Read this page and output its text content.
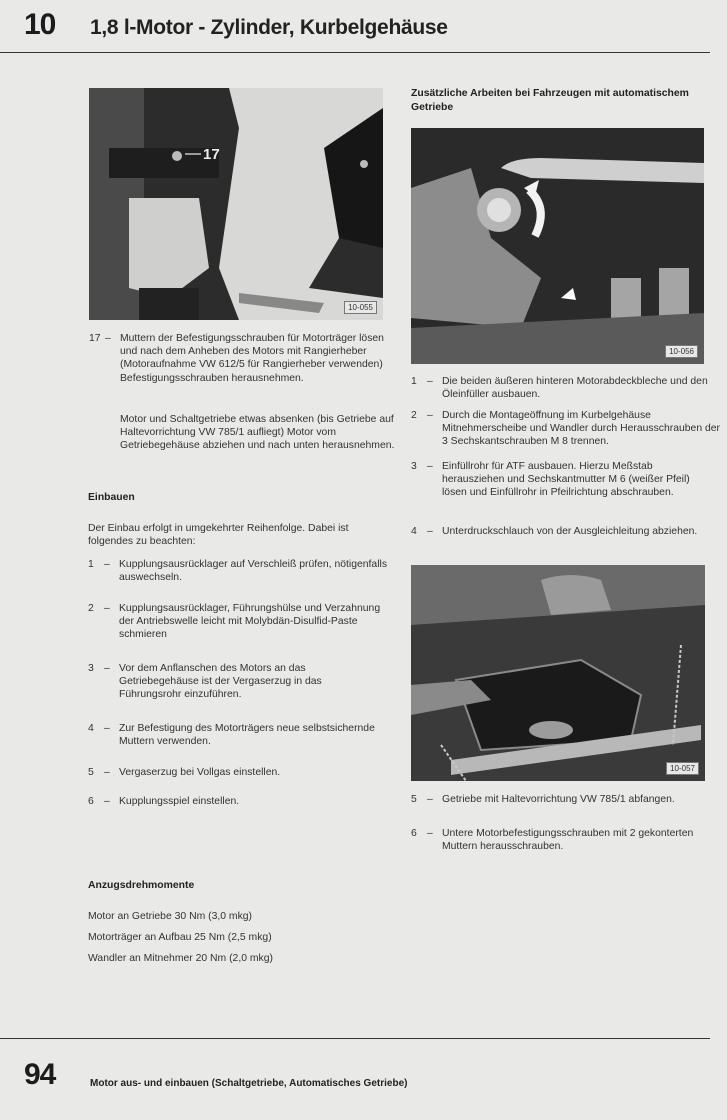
10 1,8 l-Motor - Zylinder, Kurbelgehäuse
17
10-055
17 – Muttern der Befestigungsschrauben für Motorträger lösen und nach dem Anheben des Motors mit Rangierheber (Motoraufnahme VW 612/5 für Rangierheber verwenden) Befestigungsschrauben herausnehmen.
Motor und Schaltgetriebe etwas absenken (bis Getriebe auf Haltevorrichtung VW 785/1 aufliegt) Motor vom Getriebegehäuse abziehen und nach unten herausnehmen.
Einbauen
Der Einbau erfolgt in umgekehrter Reihenfolge. Dabei ist folgendes zu beachten:
1 – Kupplungsausrücklager auf Verschleiß prüfen, nötigenfalls auswechseln.
2 – Kupplungsausrücklager, Führungshülse und Verzahnung der Antriebswelle leicht mit Molybdän-Disulfid-Paste schmieren
3 – Vor dem Anflanschen des Motors an das Getriebegehäuse ist der Vergaserzug in das Führungsrohr einzuführen.
4 – Zur Befestigung des Motorträgers neue selbstsichernde Muttern verwenden.
5 – Vergaserzug bei Vollgas einstellen.
6 – Kupplungsspiel einstellen.
Anzugsdrehmomente
Motor an Getriebe 30 Nm (3,0 mkg)
Motorträger an Aufbau 25 Nm (2,5 mkg)
Wandler an Mitnehmer 20 Nm (2,0 mkg)
Zusätzliche Arbeiten bei Fahrzeugen mit automatischem Getriebe
10-056
1 – Die beiden äußeren hinteren Motorabdeckbleche und den Öleinfüller ausbauen.
2 – Durch die Montageöffnung im Kurbelgehäuse Mitnehmerscheibe und Wandler durch Herausschrauben der 3 Sechskantschrauben M 8 trennen.
3 – Einfüllrohr für ATF ausbauen. Hierzu Meßstab herausziehen und Sechskantmutter M 6 (weißer Pfeil) lösen und Einfüllrohr in Pfeilrichtung abschrauben.
4 – Unterdruckschlauch von der Ausgleichleitung abziehen.
10-057
5 – Getriebe mit Haltevorrichtung VW 785/1 abfangen.
6 – Untere Motorbefestigungsschrauben mit 2 gekonterten Muttern herausschrauben.
94	Motor aus- und einbauen (Schaltgetriebe, Automatisches Getriebe)
